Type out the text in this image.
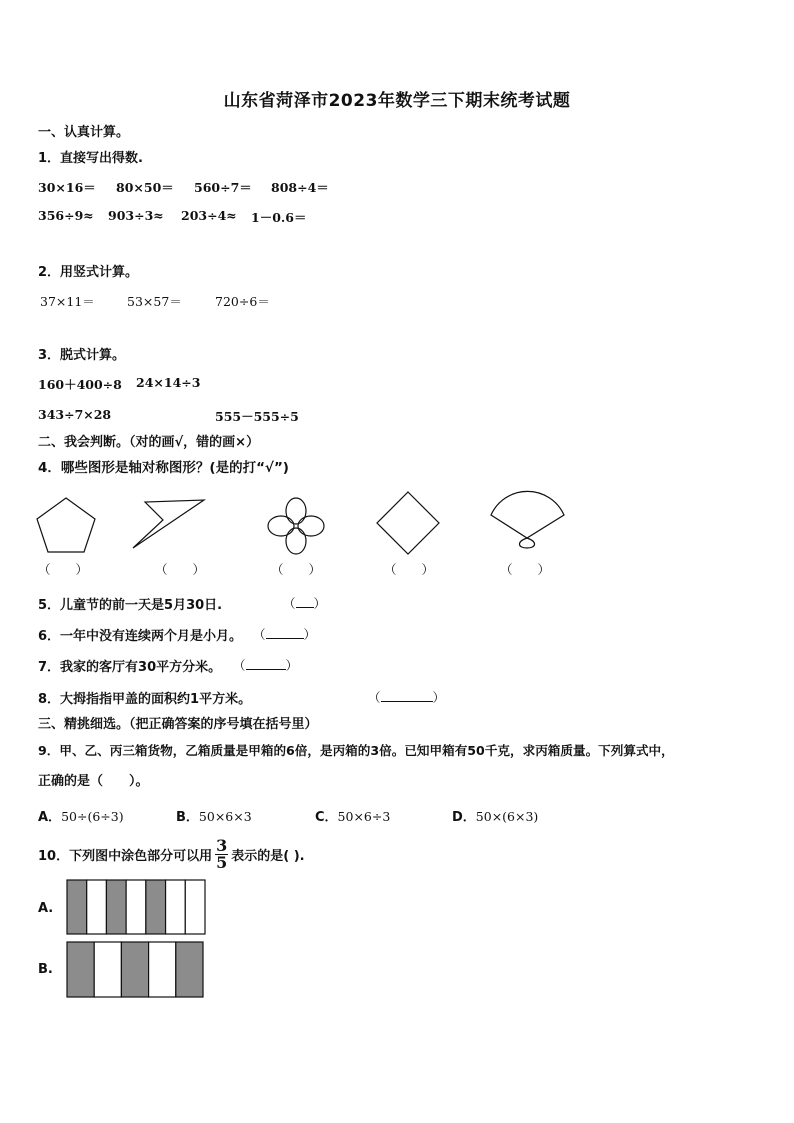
山东省菏泽市2023年数学三下期末统考试题
一、认真计算。
1．直接写出得数.
30×16＝ 80×50＝ 560÷7＝ 808÷4＝
356÷9≈ 903÷3≈ 203÷4≈ 1－0.6＝
2．用竖式计算。
37×11＝	53×57＝	720÷6＝
3．脱式计算。
160＋400÷8 24×14÷3
343÷7×28	555－555÷5
二、我会判断。（对的画√，错的画×）
4．哪些图形是轴对称图形？(是的打“√”)
（　　）	（　　）	（　　）	（　　）	（　　）
5．儿童节的前一天是5月30日.	（ ）
6．一年中没有连续两个月是小月。 （	）
7．我家的客厅有30平方分米。 （	）
8．大拇指指甲盖的面积约1平方米。	（	）
三、精挑细选。（把正确答案的序号填在括号里）
9．甲、乙、丙三箱货物，乙箱质量是甲箱的6倍，是丙箱的3倍。已知甲箱有50千克，求丙箱质量。下列算式中，
正确的是（　　）。
A．50÷(6÷3)	B．50×6×3	C．50×6÷3	D．50×(6×3)
10．下列图中涂色部分可以用 $\frac{3}{5}$ 表示的是( ).
A.
B.
